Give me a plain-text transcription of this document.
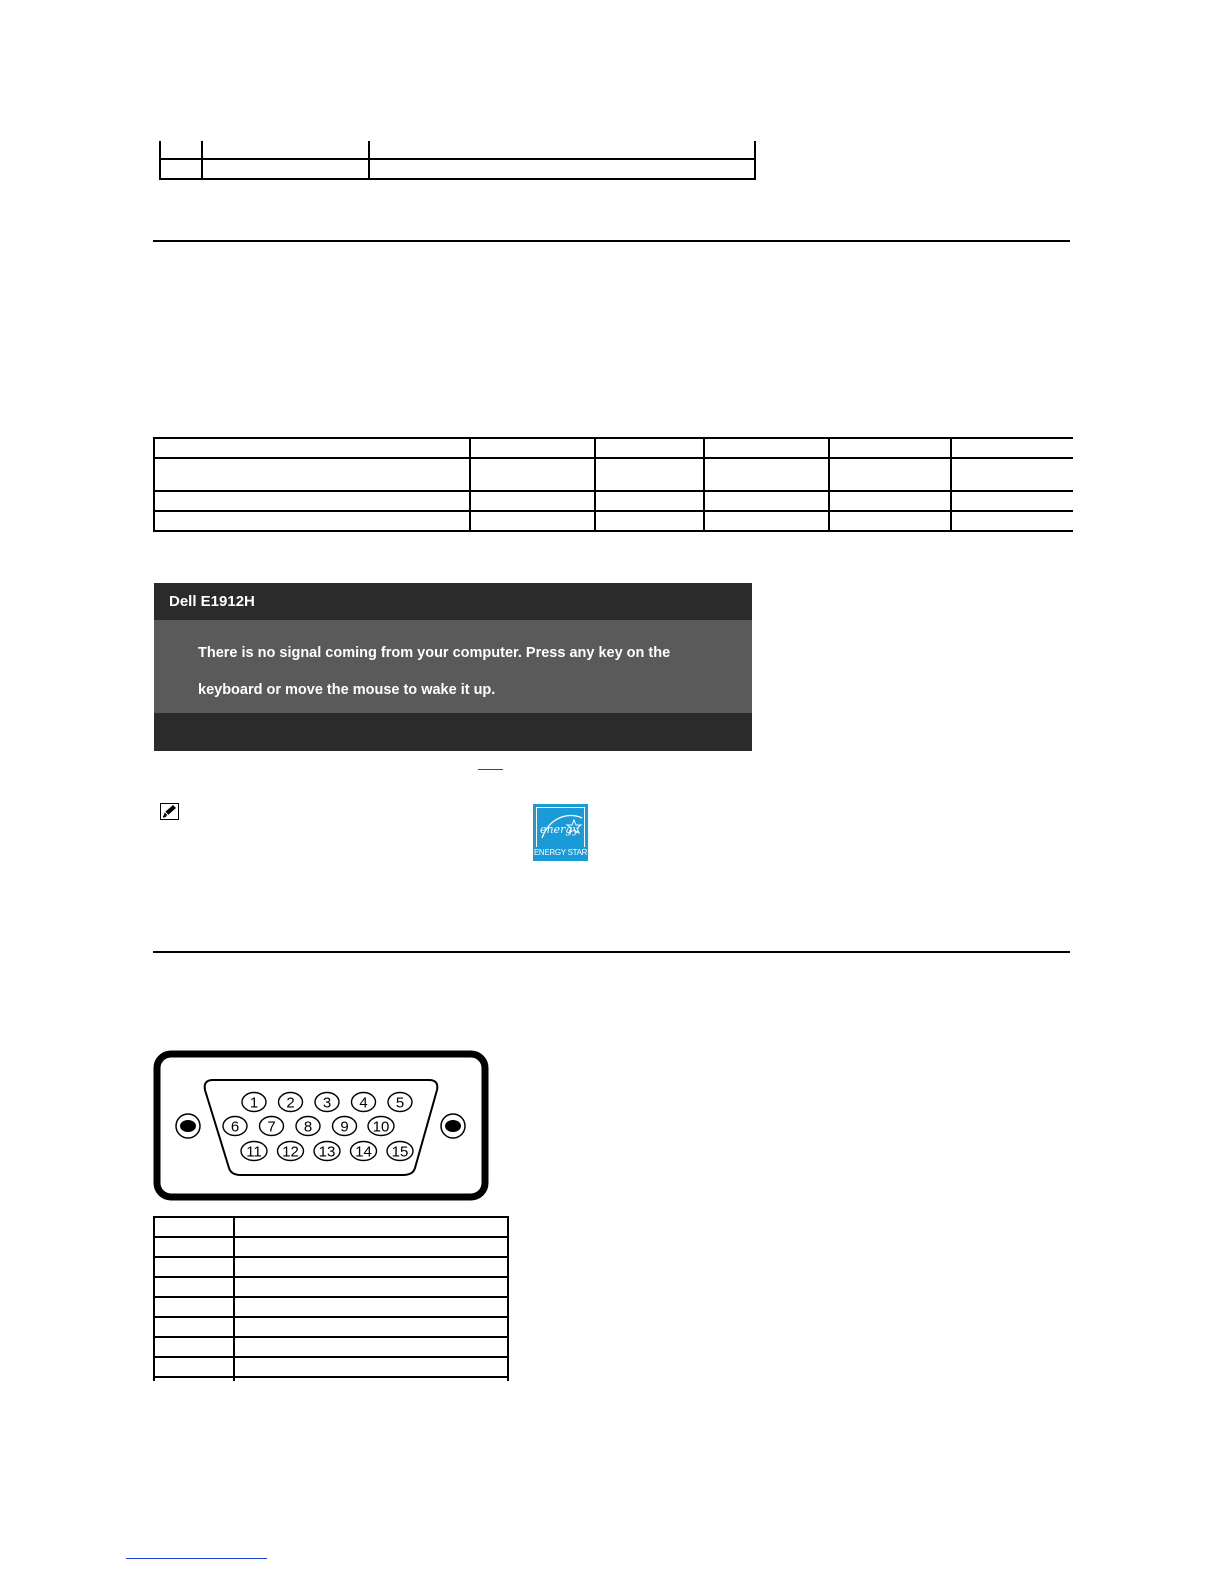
Dell E1912H
There is no signal coming from your computer. Press any key on the
keyboard or move the mouse to wake it up.
energy
ENERGY STAR
1 2 3 4 5
6 7 8 9 10
11 12 13 14 15
